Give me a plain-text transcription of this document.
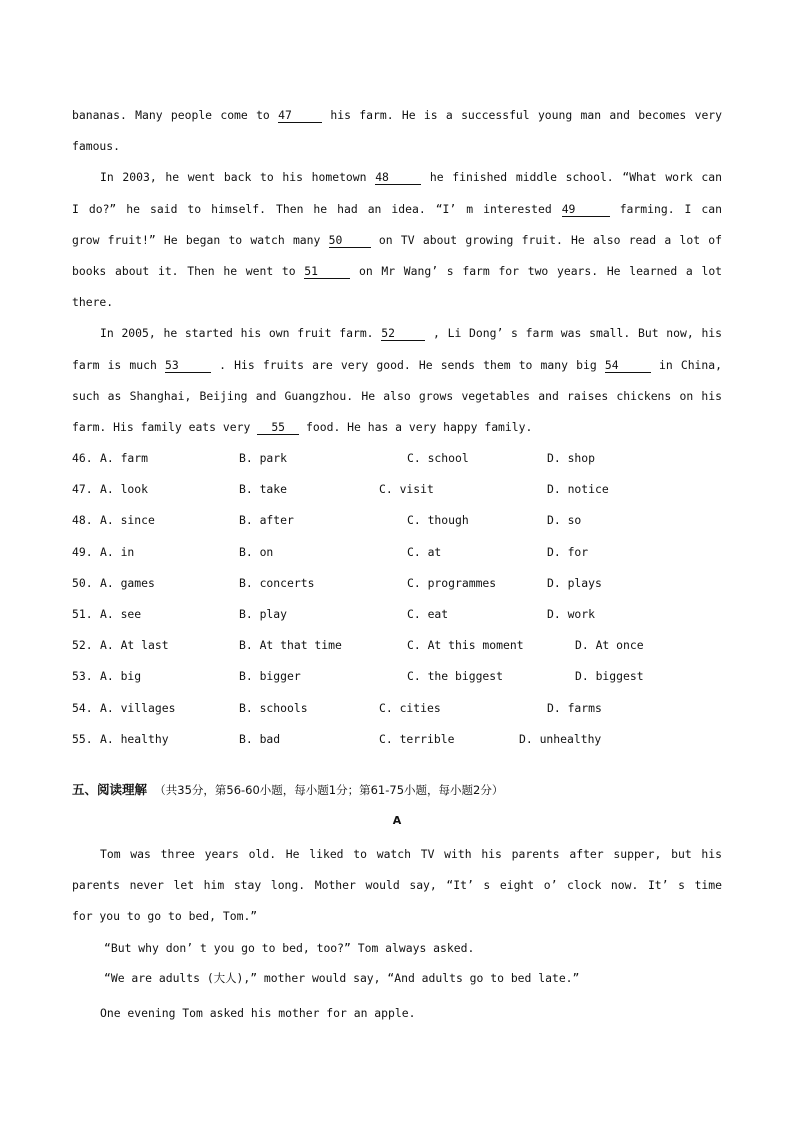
bananas. Many people come to 47	his farm. He is a successful young man and becomes very
famous.
In 2003, he went back to his hometown 48	he finished middle school. “What work can
I do?” he said to himself. Then he had an idea. “I’ m interested 49	farming. I can
grow fruit!” He began to watch many 50	on TV about growing fruit. He also read a lot of
books about it. Then he went to 51	on Mr Wang’ s farm for two years. He learned a lot
there.
In 2005, he started his own fruit farm. 52	, Li Dong’ s farm was small. But now, his
farm is much 53	. His fruits are very good. He sends them to many big 54	in China,
such as Shanghai, Beijing and Guangzhou. He also grows vegetables and raises chickens on his
farm. His family eats very 55 food. He has a very happy family.
46. A. farm	B. park	C. school	D. shop
47. A. look	B. take	C. visit	D. notice
48. A. since	B. after	C. though	D. so
49. A. in	B. on	C. at	D. for
50. A. games	B. concerts	C. programmes	D. plays
51. A. see	B. play	C. eat	D. work
52. A. At last	B. At that time	C. At this moment	D. At once
53. A. big	B. bigger	C. the biggest	D. biggest
54. A. villages	B. schools	C. cities	D. farms
55. A. healthy	B. bad	C. terrible	D. unhealthy
五、阅读理解 （共35分，第56-60小题，每小题1分；第61-75小题，每小题2分）
A
Tom was three years old. He liked to watch TV with his parents after supper, but his
parents never let him stay long. Mother would say, “It’ s eight o’ clock now. It’ s time
for you to go to bed, Tom.”
“But why don’ t you go to bed, too?” Tom always asked.
“We are adults (大人),” mother would say, “And adults go to bed late.”
One evening Tom asked his mother for an apple.
